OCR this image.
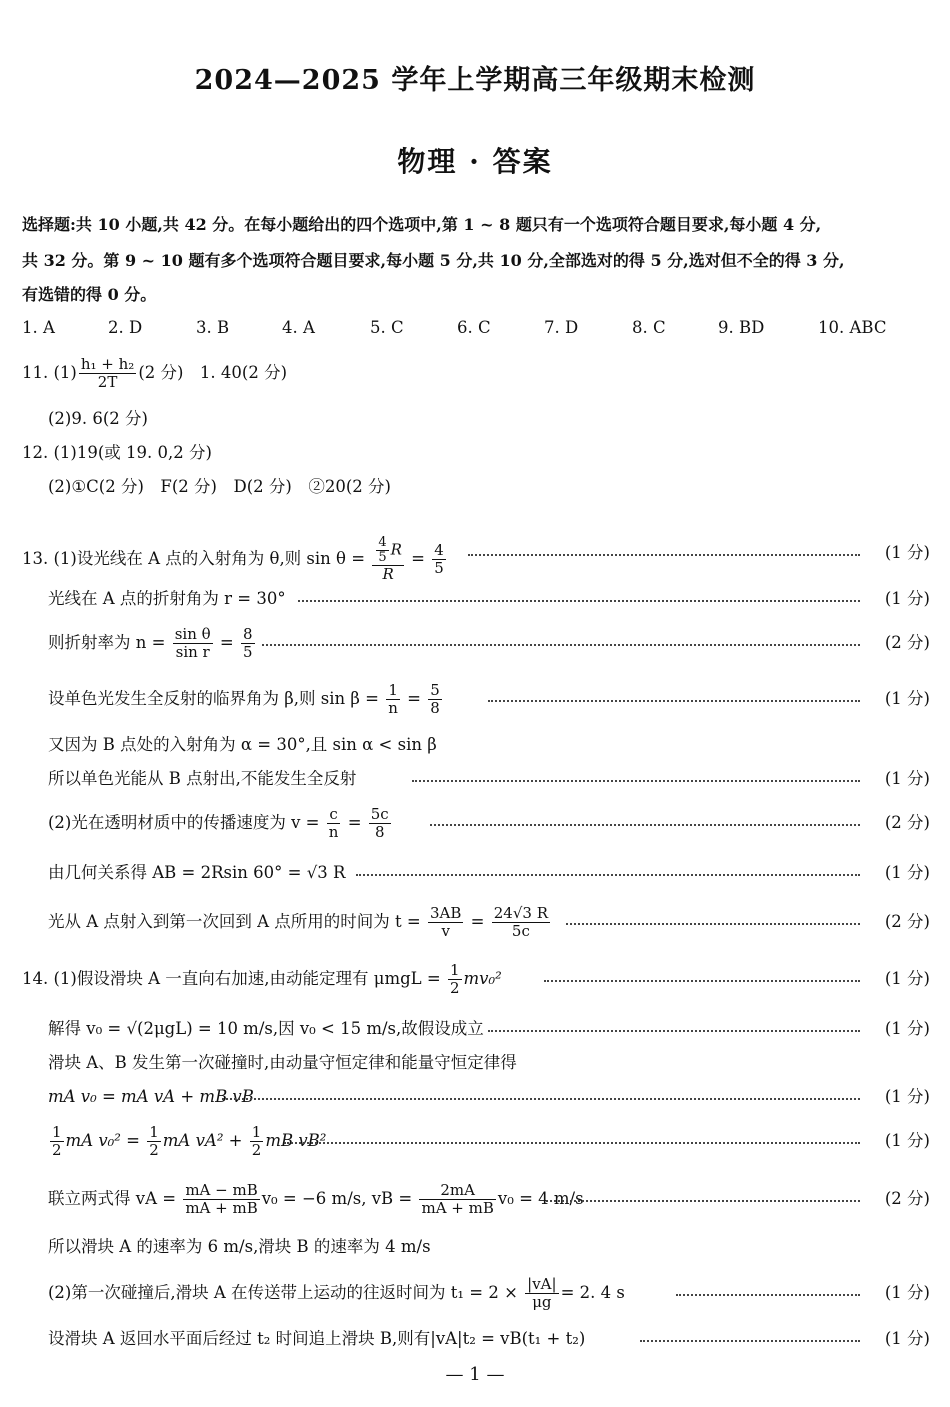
2024—2025 学年上学期高三年级期末检测
物理 · 答案
选择题:共 10 小题,共 42 分。在每小题给出的四个选项中,第 1 ~ 8 题只有一个选项符合题目要求,每小题 4 分,
共 32 分。第 9 ~ 10 题有多个选项符合题目要求,每小题 5 分,共 10 分,全部选对的得 5 分,选对但不全的得 3 分,
有选错的得 0 分。
1. A	2. D	3. B	4. A	5. C	6. C	7. D	8. C	9. BD	10. ABC
11. $(1) \frac{\text{h₁ + h₂}}{2T} (2$ 分)　1. 40(2 分)
(2)9. 6(2 分)
12. (1)19(或 19. 0,2 分)
(2)①C(2 分)　F(2 分)　D(2 分)　②20(2 分)
13. (1)设光线在 A 点的入射角为 θ,则 $\sin \theta = \frac{\frac{4}{5} R}{R} = \frac{4}{5}$	(1 分)
光线在 A 点的折射角为 r = 30°	(1 分)
则折射率为 $n = \frac{\text{sin θ}}{\text{sin r}} = \frac{8}{5}$	(2 分)
设单色光发生全反射的临界角为 β,则 $\sin \beta = \frac{1}{n} = \frac{5}{8}$	(1 分)
又因为 B 点处的入射角为 α = 30°,且 sin α < sin β
所以单色光能从 B 点射出,不能发生全反射	(1 分)
(2)光在透明材质中的传播速度为 $v = \frac{c}{n} = \frac{5c}{8}$	(2 分)
由几何关系得 AB = 2Rsin 60° = √3 R	(1 分)
光从 A 点射入到第一次回到 A 点所用的时间为 $t = \frac{3AB}{v} = \frac{24√3 R}{5c}$	(2 分)
14. (1)假设滑块 A 一直向右加速,由动能定理有 $\mu mgL = \frac{1}{2} mv_0^2$	(1 分)
解得 v₀ = √(2μgL) = 10 m/s,因 v₀ < 15 m/s,故假设成立	(1 分)
滑块 A、B 发生第一次碰撞时,由动量守恒定律和能量守恒定律得
mA v₀ = mA vA + mB vB	(1 分)
$\frac{1}{2}$ mA $v_0^2 = \frac{1}{2}$ mA $vA^2 + \frac{1}{2}$ mB vB²	(1 分)
联立两式得 vA = $\frac{mA - mB}{mA + mB} v_0 = -6$ m/s, vB = $\frac{2mA}{mA + mB} v_0 = 4$ m/s	(2 分)
所以滑块 A 的速率为 6 m/s,滑块 B 的速率为 4 m/s
(2)第一次碰撞后,滑块 A 在传送带上运动的往返时间为 $t_1 = 2 \times \frac{|vA|}{\mu g} = 2$. 4 s	(1 分)
设滑块 A 返回水平面后经过 t₂ 时间追上滑块 B,则有|vA|t₂ = vB(t₁ + t₂)	(1 分)
— 1 —
